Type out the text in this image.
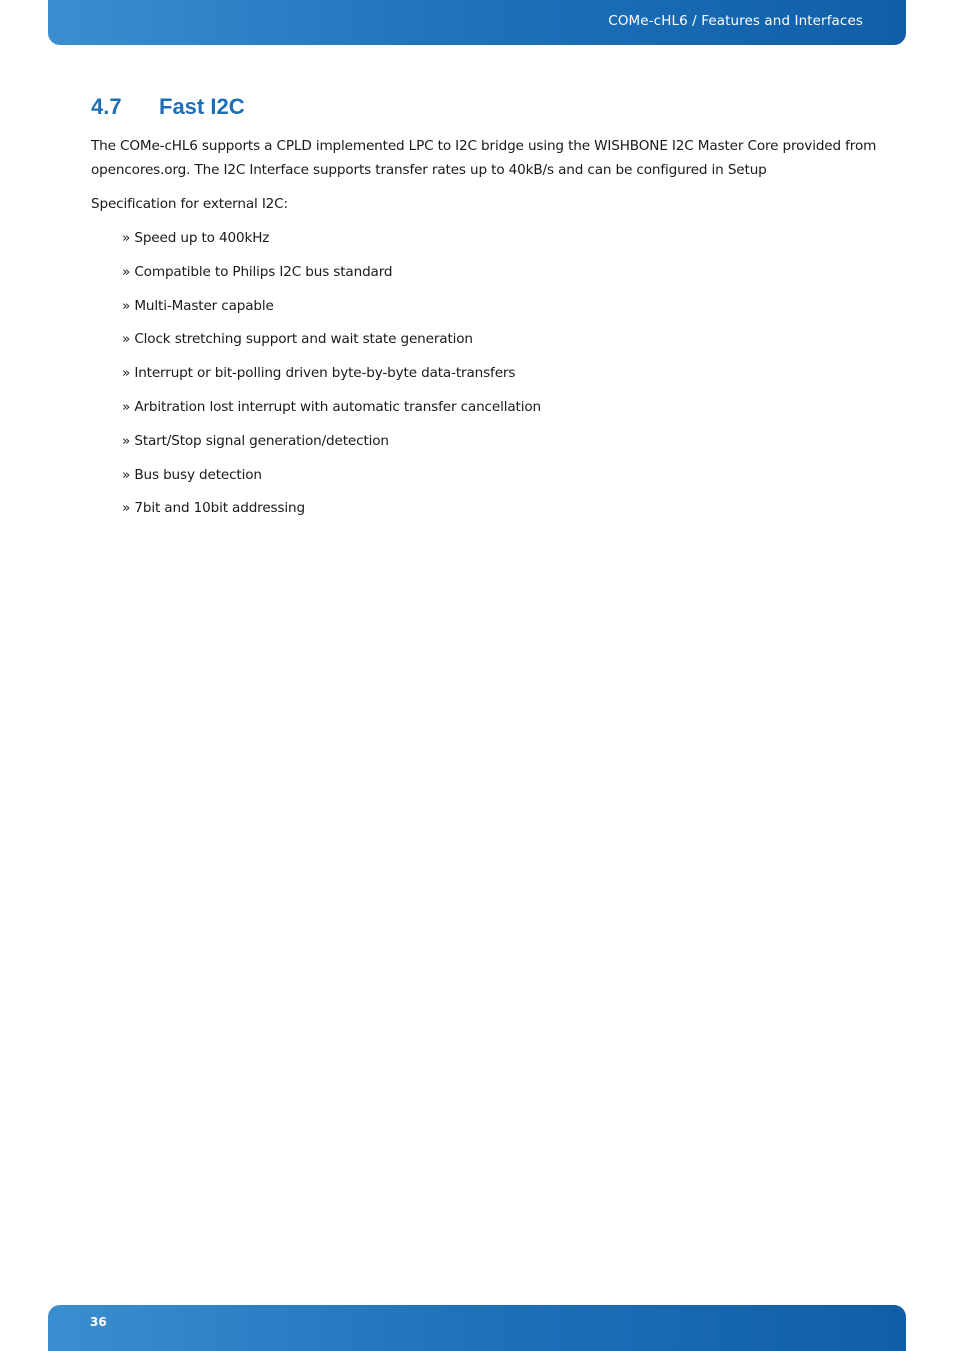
COMe-cHL6 / Features and Interfaces
4.7 Fast I2C

The COMe-cHL6 supports a CPLD implemented LPC to I2C bridge using the WISHBONE I2C Master Core provided from
opencores.org. The I2C Interface supports transfer rates up to 40kB/s and can be configured in Setup

Specification for external I2C:

» Speed up to 400kHz
» Compatible to Philips I2C bus standard
» Multi-Master capable
» Clock stretching support and wait state generation
» Interrupt or bit-polling driven byte-by-byte data-transfers
» Arbitration lost interrupt with automatic transfer cancellation
» Start/Stop signal generation/detection
» Bus busy detection
» 7bit and 10bit addressing
36
